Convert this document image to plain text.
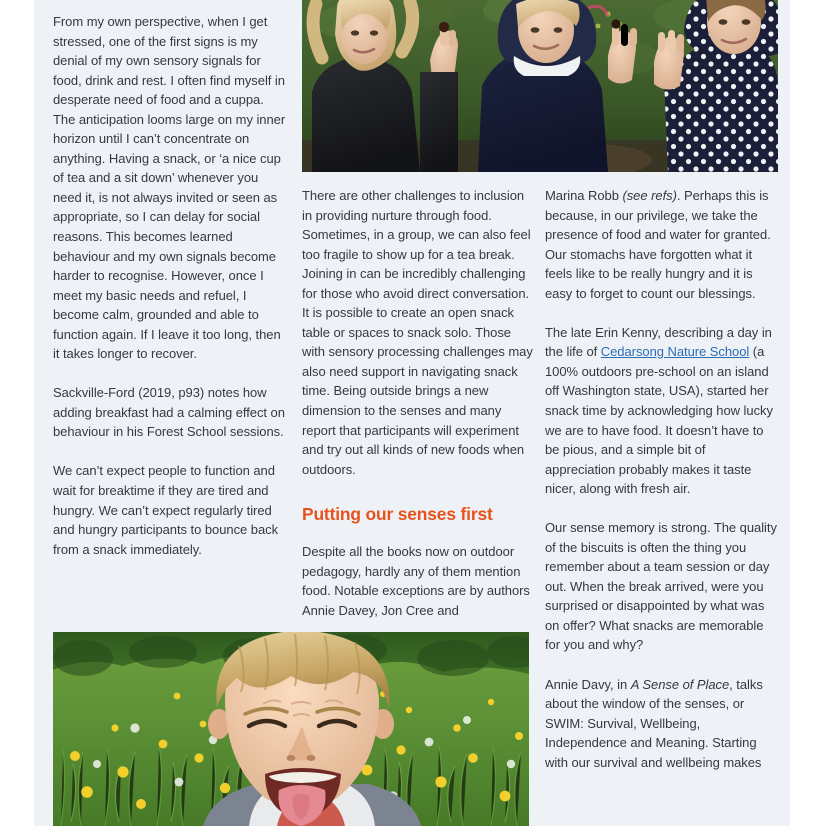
From my own perspective, when I get stressed, one of the first signs is my denial of my own sensory signals for food, drink and rest. I often find myself in desperate need of food and a cuppa. The anticipation looms large on my inner horizon until I can’t concentrate on anything. Having a snack, or ‘a nice cup of tea and a sit down’ whenever you need it, is not always invited or seen as appropriate, so I can delay for social reasons. This becomes learned behaviour and my own signals become harder to recognise. However, once I meet my basic needs and refuel, I become calm, grounded and able to function again. If I leave it too long, then it takes longer to recover.

Sackville-Ford (2019, p93) notes how adding breakfast had a calming effect on behaviour in his Forest School sessions.

We can’t expect people to function and wait for breaktime if they are tired and hungry. We can’t expect regularly tired and hungry participants to bounce back from a snack immediately.

There are other challenges to inclusion in providing nurture through food. Sometimes, in a group, we can also feel too fragile to show up for a tea break. Joining in can be incredibly challenging for those who avoid direct conversation. It is possible to create an open snack table or spaces to snack solo. Those with sensory processing challenges may also need support in navigating snack time. Being outside brings a new dimension to the senses and many report that participants will experiment and try out all kinds of new foods when outdoors.

Putting our senses first

Despite all the books now on outdoor pedagogy, hardly any of them mention food. Notable exceptions are by authors Annie Davey, Jon Cree and

Marina Robb (see refs). Perhaps this is because, in our privilege, we take the presence of food and water for granted. Our stomachs have forgotten what it feels like to be really hungry and it is easy to forget to count our blessings.

The late Erin Kenny, describing a day in the life of Cedarsong Nature School (a 100% outdoors pre-school on an island off Washington state, USA), started her snack time by acknowledging how lucky we are to have food. It doesn’t have to be pious, and a simple bit of appreciation probably makes it taste nicer, along with fresh air.

Our sense memory is strong. The quality of the biscuits is often the thing you remember about a team session or day out. When the break arrived, were you surprised or disappointed by what was on offer? What snacks are memorable for you and why?

Annie Davy, in A Sense of Place, talks about the window of the senses, or SWIM: Survival, Wellbeing, Independence and Meaning. Starting with our survival and wellbeing makes
